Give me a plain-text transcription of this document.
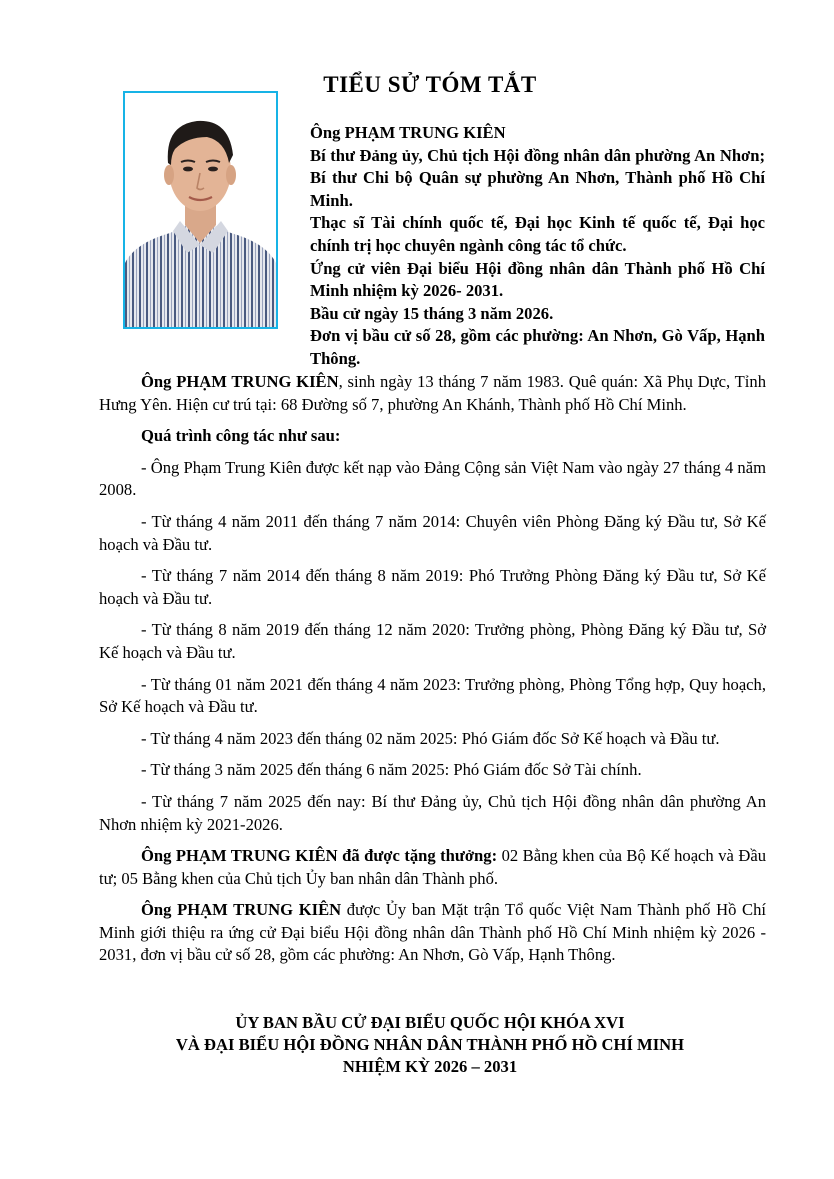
TIỂU SỬ TÓM TẮT

Ông PHẠM TRUNG KIÊN

Bí thư Đảng ủy, Chủ tịch Hội đồng nhân dân phường An Nhơn; Bí thư Chi bộ Quân sự phường An Nhơn, Thành phố Hồ Chí Minh.

Thạc sĩ Tài chính quốc tế, Đại học Kinh tế quốc tế, Đại học chính trị học chuyên ngành công tác tổ chức.

Ứng cử viên Đại biểu Hội đồng nhân dân Thành phố Hồ Chí Minh nhiệm kỳ 2026- 2031.

Bầu cử ngày 15 tháng 3 năm 2026.

Đơn vị bầu cử số 28, gồm các phường: An Nhơn, Gò Vấp, Hạnh Thông.

Ông PHẠM TRUNG KIÊN, sinh ngày 13 tháng 7 năm 1983. Quê quán: Xã Phụ Dực, Tỉnh Hưng Yên. Hiện cư trú tại: 68 Đường số 7, phường An Khánh, Thành phố Hồ Chí Minh.

Quá trình công tác như sau:

- Ông Phạm Trung Kiên được kết nạp vào Đảng Cộng sản Việt Nam vào ngày 27 tháng 4 năm 2008.

- Từ tháng 4 năm 2011 đến tháng 7 năm 2014: Chuyên viên Phòng Đăng ký Đầu tư, Sở Kế hoạch và Đầu tư.

- Từ tháng 7 năm 2014 đến tháng 8 năm 2019: Phó Trưởng Phòng Đăng ký Đầu tư, Sở Kế hoạch và Đầu tư.

- Từ tháng 8 năm 2019 đến tháng 12 năm 2020: Trưởng phòng, Phòng Đăng ký Đầu tư, Sở Kế hoạch và Đầu tư.

- Từ tháng 01 năm 2021 đến tháng 4 năm 2023: Trưởng phòng, Phòng Tổng hợp, Quy hoạch, Sở Kế hoạch và Đầu tư.

- Từ tháng 4 năm 2023 đến tháng 02 năm 2025: Phó Giám đốc Sở Kế hoạch và Đầu tư.

- Từ tháng 3 năm 2025 đến tháng 6 năm 2025: Phó Giám đốc Sở Tài chính.

- Từ tháng 7 năm 2025 đến nay: Bí thư Đảng ủy, Chủ tịch Hội đồng nhân dân phường An Nhơn nhiệm kỳ 2021-2026.

Ông PHẠM TRUNG KIÊN đã được tặng thưởng: 02 Bằng khen của Bộ Kế hoạch và Đầu tư; 05 Bằng khen của Chủ tịch Ủy ban nhân dân Thành phố.

Ông PHẠM TRUNG KIÊN được Ủy ban Mặt trận Tổ quốc Việt Nam Thành phố Hồ Chí Minh giới thiệu ra ứng cử Đại biểu Hội đồng nhân dân Thành phố Hồ Chí Minh nhiệm kỳ 2026 - 2031, đơn vị bầu cử số 28, gồm các phường: An Nhơn, Gò Vấp, Hạnh Thông.

ỦY BAN BẦU CỬ ĐẠI BIỂU QUỐC HỘI KHÓA XVI
VÀ ĐẠI BIỂU HỘI ĐỒNG NHÂN DÂN THÀNH PHỐ HỒ CHÍ MINH
NHIỆM KỲ 2026 – 2031
